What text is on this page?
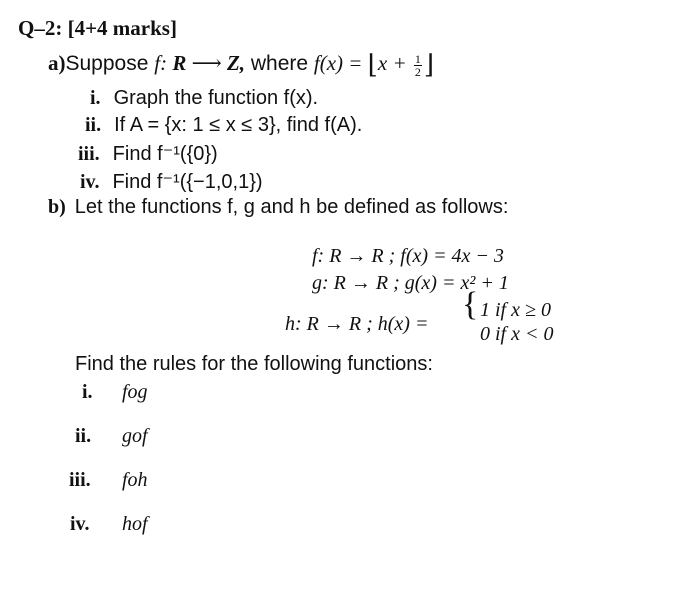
Q–2: [4+4 marks]
a)Suppose f: R ⟶ Z, where f(x) = ⌊x + $\frac{1}{2}$ ⌋
i. Graph the function f(x).
ii. If A = {x: 1 ≤ x ≤ 3}, find f(A).
iii. Find f⁻¹({0})
iv. Find f⁻¹({−1,0,1})
b) Let the functions f, g and h be defined as follows:
f: R → R ; f(x) = 4x − 3
g: R → R ; g(x) = x² + 1
h: R → R ; h(x) =
{ 1 if x ≥ 0
0 if x < 0
Find the rules for the following functions:
i. fog
ii. gof
iii. foh
iv. hof
